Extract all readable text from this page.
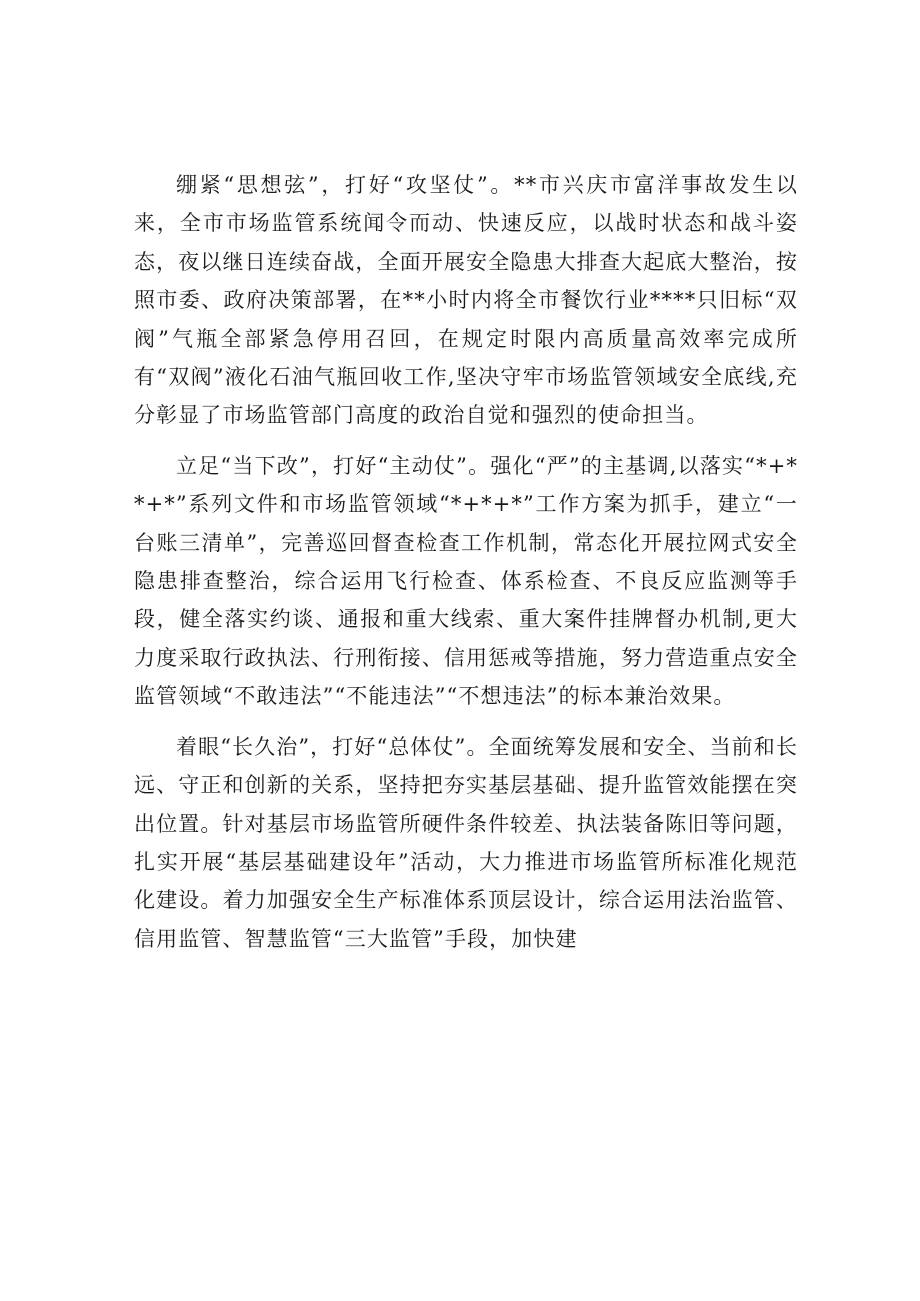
绷紧“思想弦”，打好“攻坚仗”。**市兴庆市富洋事故发生以来，全市市场监管系统闻令而动、快速反应，以战时状态和战斗姿态，夜以继日连续奋战，全面开展安全隐患大排查大起底大整治，按照市委、政府决策部署，在**小时内将全市餐饮行业****只旧标“双阀”气瓶全部紧急停用召回，在规定时限内高质量高效率完成所有“双阀”液化石油气瓶回收工作,坚决守牢市场监管领域安全底线,充分彰显了市场监管部门高度的政治自觉和强烈的使命担当。

立足“当下改”，打好“主动仗”。强化“严”的主基调,以落实“*+**+*”系列文件和市场监管领域“*+*+*”工作方案为抓手，建立“一台账三清单”，完善巡回督查检查工作机制，常态化开展拉网式安全隐患排查整治，综合运用飞行检查、体系检查、不良反应监测等手段，健全落实约谈、通报和重大线索、重大案件挂牌督办机制,更大力度采取行政执法、行刑衔接、信用惩戒等措施，努力营造重点安全监管领域“不敢违法”“不能违法”“不想违法”的标本兼治效果。

着眼“长久治”，打好“总体仗”。全面统筹发展和安全、当前和长远、守正和创新的关系，坚持把夯实基层基础、提升监管效能摆在突出位置。针对基层市场监管所硬件条件较差、执法装备陈旧等问题，扎实开展“基层基础建设年”活动，大力推进市场监管所标准化规范化建设。着力加强安全生产标准体系顶层设计，综合运用法治监管、信用监管、智慧监管“三大监管”手段，加快建
